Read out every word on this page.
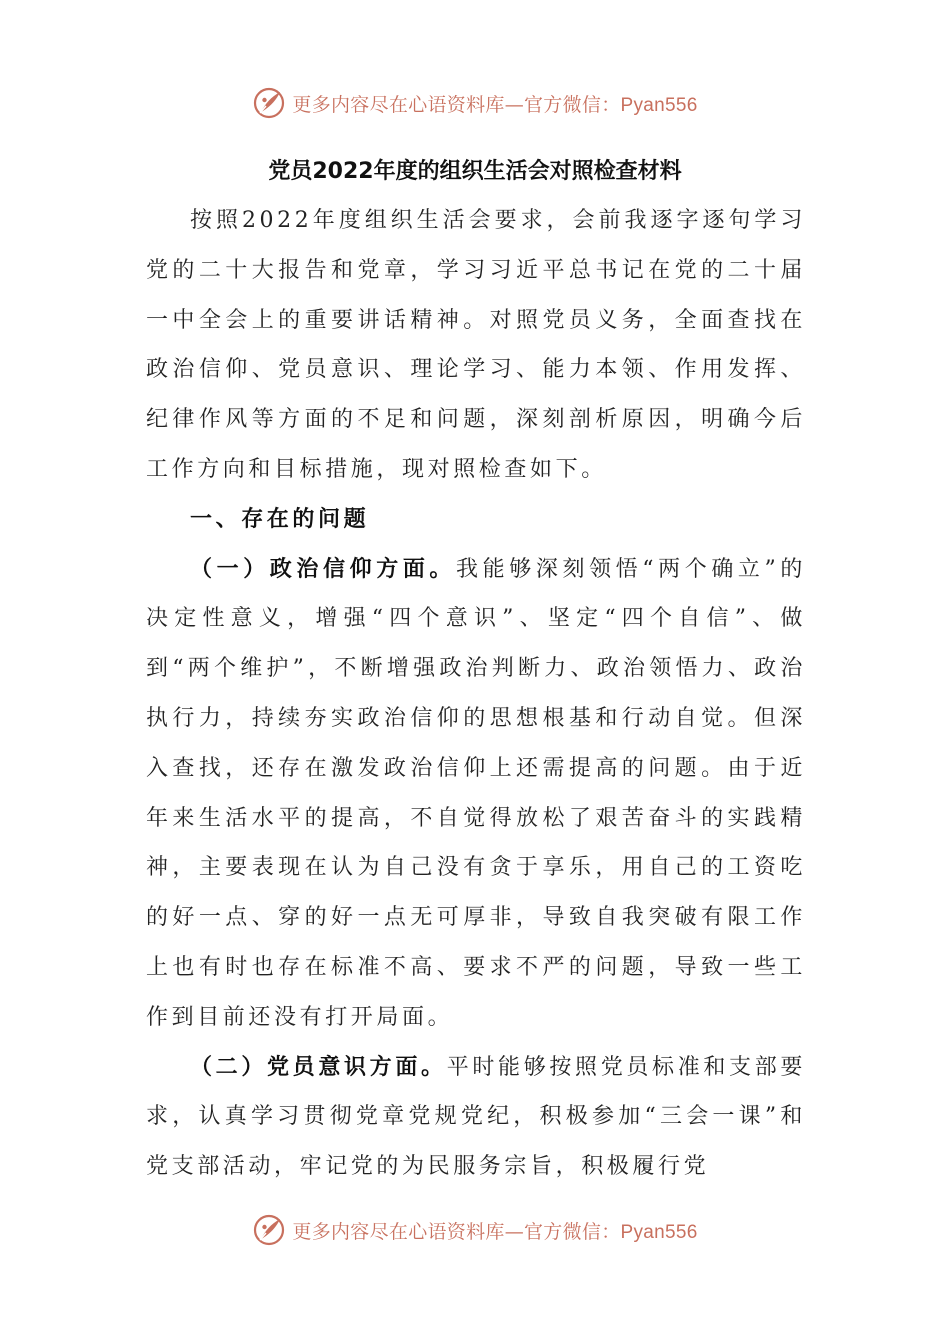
更多内容尽在心语资料库—官方微信：Pyan556
党员2022年度的组织生活会对照检查材料

按照2022年度组织生活会要求，会前我逐字逐句学习党的二十大报告和党章，学习习近平总书记在党的二十届一中全会上的重要讲话精神。对照党员义务，全面查找在政治信仰、党员意识、理论学习、能力本领、作用发挥、纪律作风等方面的不足和问题，深刻剖析原因，明确今后工作方向和目标措施，现对照检查如下。

一、存在的问题

（一）政治信仰方面。我能够深刻领悟“两个确立”的决定性意义，增强“四个意识”、坚定“四个自信”、做到“两个维护”，不断增强政治判断力、政治领悟力、政治执行力，持续夯实政治信仰的思想根基和行动自觉。但深入查找，还存在激发政治信仰上还需提高的问题。由于近年来生活水平的提高，不自觉得放松了艰苦奋斗的实践精神，主要表现在认为自己没有贪于享乐，用自己的工资吃的好一点、穿的好一点无可厚非，导致自我突破有限工作上也有时也存在标准不高、要求不严的问题，导致一些工作到目前还没有打开局面。

（二）党员意识方面。平时能够按照党员标准和支部要求，认真学习贯彻党章党规党纪，积极参加“三会一课”和党支部活动，牢记党的为民服务宗旨，积极履行党

更多内容尽在心语资料库—官方微信：Pyan556
